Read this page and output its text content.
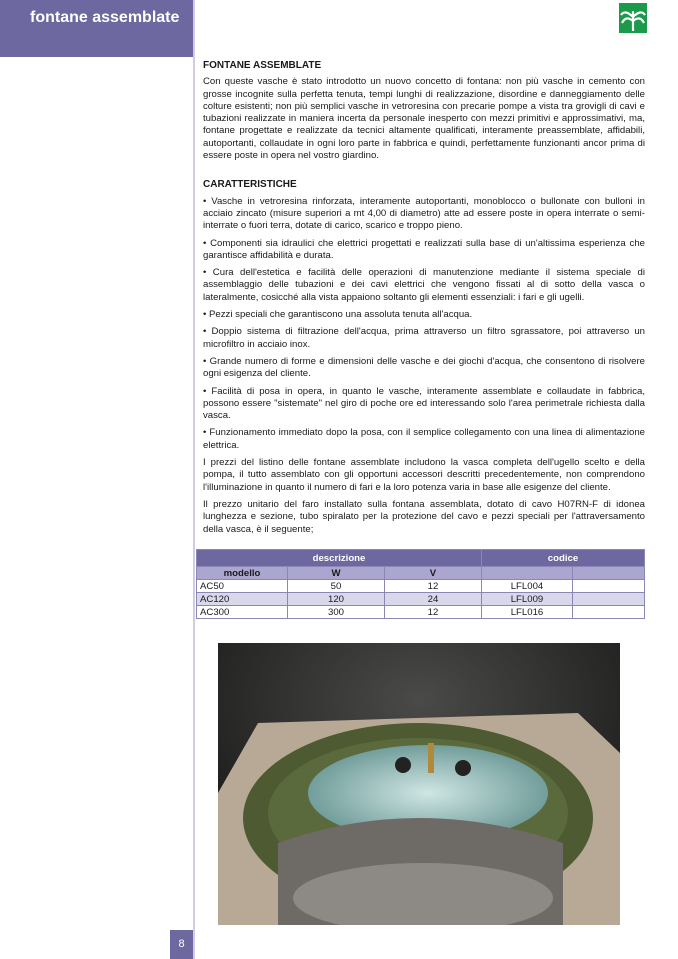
fontane assemblate
FONTANE ASSEMBLATE

Con queste vasche è stato introdotto un nuovo concetto di fontana: non più vasche in cemento con grosse incognite sulla perfetta tenuta, tempi lunghi di realizzazione, disordine e danneggiamento delle colture esistenti; non più semplici vasche in vetroresina con precarie pompe a vista tra grovigli di cavi e tubazioni realizzate in maniera incerta da personale inesperto con mezzi primitivi e approssimativi, ma, fontane progettate e realizzate da tecnici altamente qualificati, interamente preassemblate, affidabili, autoportanti, collaudate in ogni loro parte in fabbrica e quindi, perfettamente funzionanti ancor prima di essere poste in opera nel vostro giardino.

CARATTERISTICHE

• Vasche in vetroresina rinforzata, interamente autoportanti, monoblocco o bullonate con bulloni in acciaio zincato (misure superiori a mt 4,00 di diametro) atte ad essere poste in opera interrate o semi-interrate o fuori terra, dotate di carico, scarico e troppo pieno.

• Componenti sia idraulici che elettrici progettati e realizzati sulla base di un'altissima esperienza che garantisce affidabilità e durata.

• Cura dell'estetica e facilità delle operazioni di manutenzione mediante il sistema speciale di assemblaggio delle tubazioni e dei cavi elettrici che vengono fissati al di sotto della vasca o lateralmente, cosicché alla vista appaiono soltanto gli elementi essenziali: i fari e gli ugelli.

• Pezzi speciali che garantiscono una assoluta tenuta all'acqua.

• Doppio sistema di filtrazione dell'acqua, prima attraverso un filtro sgrassatore, poi attraverso un microfiltro in acciaio inox.

• Grande numero di forme e dimensioni delle vasche e dei giochi d'acqua, che consentono di risolvere ogni esigenza del cliente.

• Facilità di posa in opera, in quanto le vasche, interamente assemblate e collaudate in fabbrica, possono essere "sistemate" nel giro di poche ore ed interessando solo l'area perimetrale richiesta dalla vasca.

• Funzionamento immediato dopo la posa, con il semplice collegamento con una linea di alimentazione elettrica.

I prezzi del listino delle fontane assemblate includono la vasca completa dell'ugello scelto e della pompa, il tutto assemblato con gli opportuni accessori descritti precedentemente, non comprendono l'illuminazione in quanto il numero di fari e la loro potenza varia in base alle esigenze del cliente.

Il prezzo unitario del faro installato sulla fontana assemblata, dotato di cavo H07RN-F di idonea lunghezza e sezione, tubo spiralato per la protezione del cavo e pezzi speciali per l'attraversamento della vasca, è il seguente;

descrizione			codice	
modello	W	V		
AC50	50	12	LFL004	
AC120	120	24	LFL009	
AC300	300	12	LFL016	
8
